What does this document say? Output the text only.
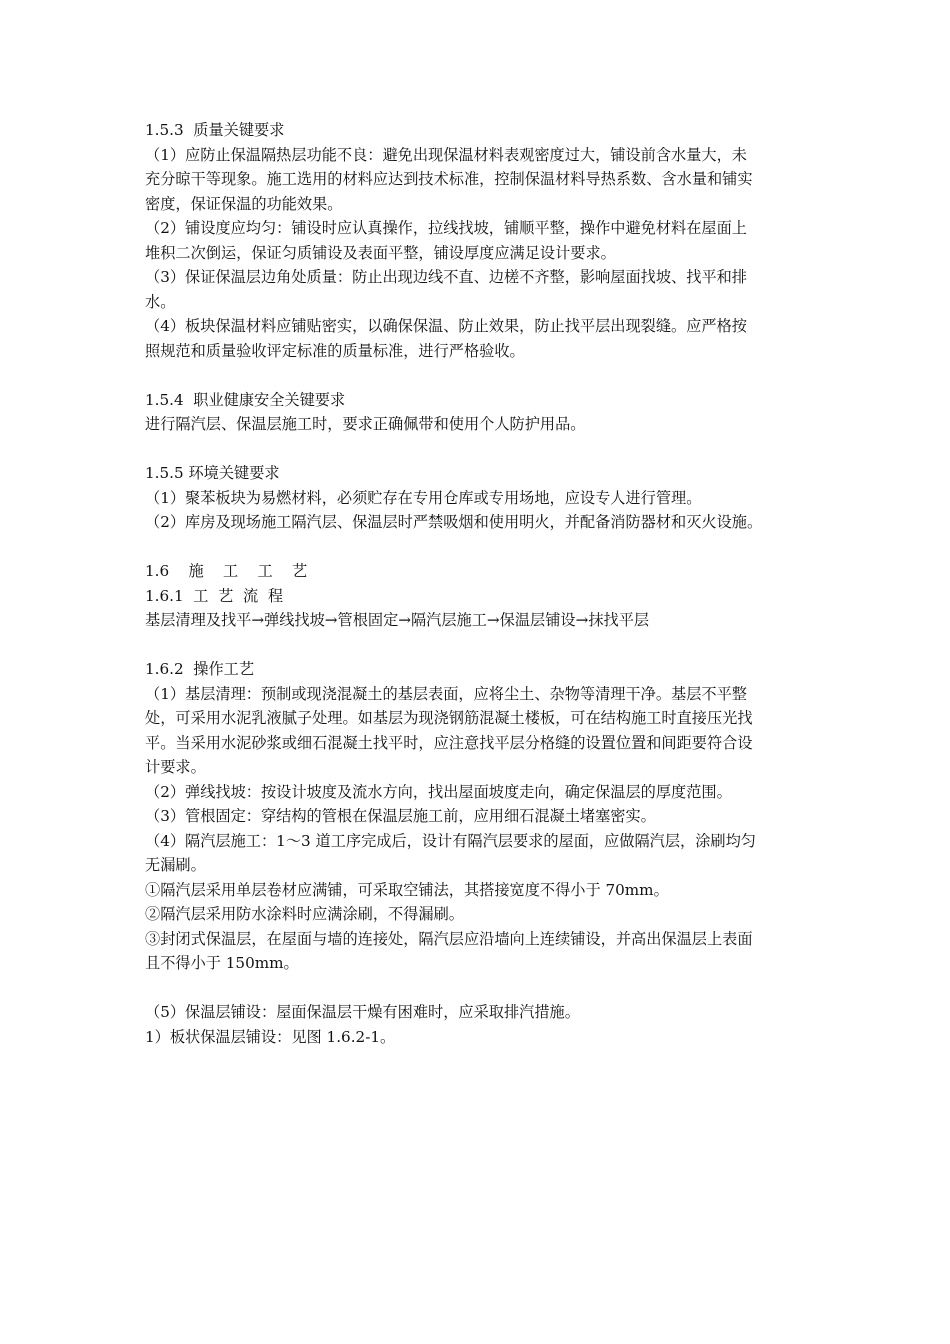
1.5.3  质量关键要求
（1）应防止保温隔热层功能不良：避免出现保温材料表观密度过大，铺设前含水量大，未
充分晾干等现象。施工选用的材料应达到技术标准，控制保温材料导热系数、含水量和铺实
密度，保证保温的功能效果。
（2）铺设度应均匀：铺设时应认真操作，拉线找坡，铺顺平整，操作中避免材料在屋面上
堆积二次倒运，保证匀质铺设及表面平整，铺设厚度应满足设计要求。
（3）保证保温层边角处质量：防止出现边线不直、边槎不齐整，影响屋面找坡、找平和排
水。
（4）板块保温材料应铺贴密实，以确保保温、防止效果，防止找平层出现裂缝。应严格按
照规范和质量验收评定标准的质量标准，进行严格验收。
1.5.4  职业健康安全关键要求
进行隔汽层、保温层施工时，要求正确佩带和使用个人防护用品。
1.5.5 环境关键要求
（1）聚苯板块为易燃材料，必须贮存在专用仓库或专用场地，应设专人进行管理。
（2）库房及现场施工隔汽层、保温层时严禁吸烟和使用明火，并配备消防器材和灭火设施。
1.6    施    工    工    艺
1.6.1  工  艺  流  程
基层清理及找平→弹线找坡→管根固定→隔汽层施工→保温层铺设→抹找平层
1.6.2  操作工艺
（1）基层清理：预制或现浇混凝土的基层表面，应将尘土、杂物等清理干净。基层不平整
处，可采用水泥乳液腻子处理。如基层为现浇钢筋混凝土楼板，可在结构施工时直接压光找
平。当采用水泥砂浆或细石混凝土找平时，应注意找平层分格缝的设置位置和间距要符合设
计要求。
（2）弹线找坡：按设计坡度及流水方向，找出屋面坡度走向，确定保温层的厚度范围。
（3）管根固定：穿结构的管根在保温层施工前，应用细石混凝土堵塞密实。
（4）隔汽层施工：1～3 道工序完成后，设计有隔汽层要求的屋面，应做隔汽层，涂刷均匀
无漏刷。
①隔汽层采用单层卷材应满铺，可采取空铺法，其搭接宽度不得小于 70mm。
②隔汽层采用防水涂料时应满涂刷，不得漏刷。
③封闭式保温层，在屋面与墙的连接处，隔汽层应沿墙向上连续铺设，并高出保温层上表面
且不得小于 150mm。
（5）保温层铺设：屋面保温层干燥有困难时，应采取排汽措施。
1）板状保温层铺设：见图 1.6.2-1。
